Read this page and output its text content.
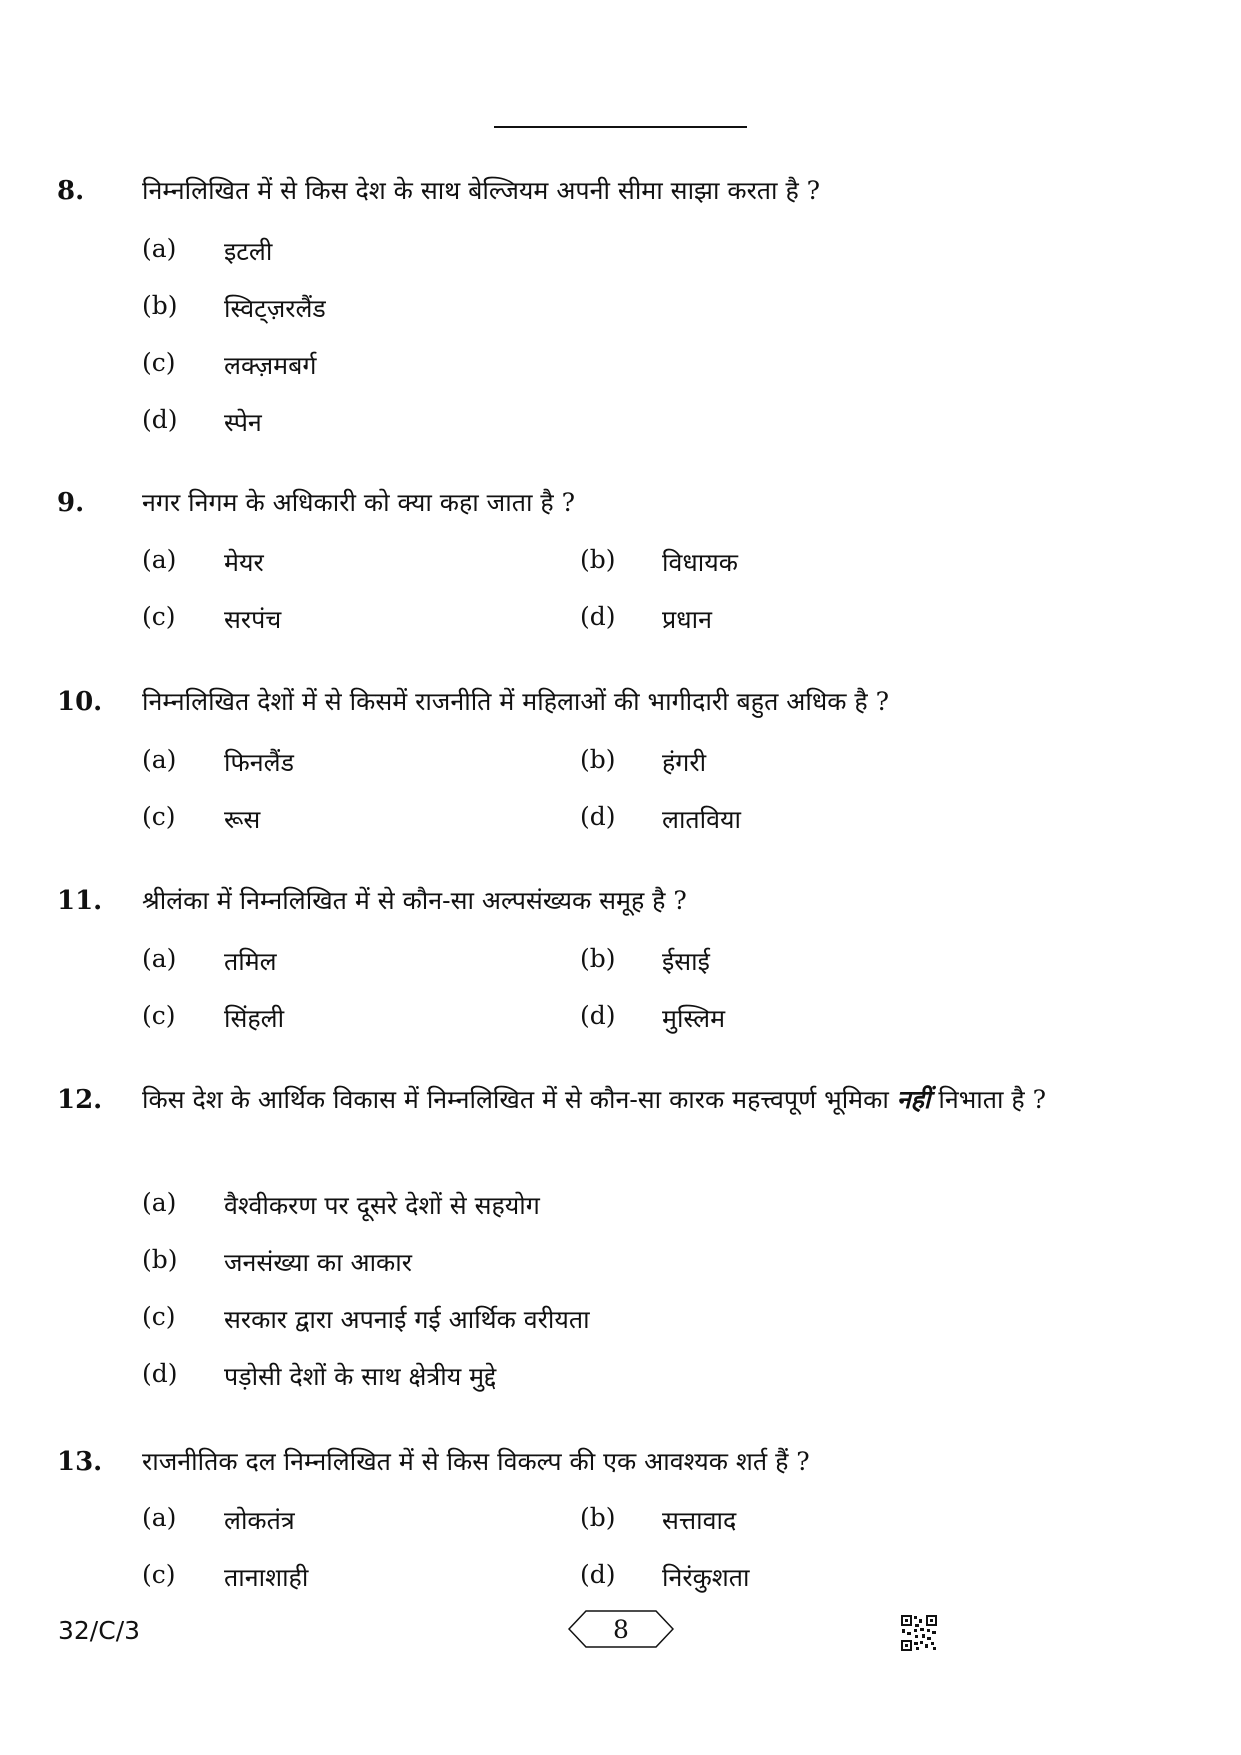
8. निम्नलिखित में से किस देश के साथ बेल्जियम अपनी सीमा साझा करता है ?
(a) इटली
(b) स्विट्ज़रलैंड
(c) लक्ज़मबर्ग
(d) स्पेन
9. नगर निगम के अधिकारी को क्या कहा जाता है ?
(a) मेयर	(b) विधायक
(c) सरपंच	(d) प्रधान
10. निम्नलिखित देशों में से किसमें राजनीति में महिलाओं की भागीदारी बहुत अधिक है ?
(a) फिनलैंड	(b) हंगरी
(c) रूस	(d) लातविया
11. श्रीलंका में निम्नलिखित में से कौन-सा अल्पसंख्यक समूह है ?
(a) तमिल	(b) ईसाई
(c) सिंहली	(d) मुस्लिम
12. किस देश के आर्थिक विकास में निम्नलिखित में से कौन-सा कारक महत्त्वपूर्ण भूमिका नहीं निभाता है ?
(a) वैश्वीकरण पर दूसरे देशों से सहयोग
(b) जनसंख्या का आकार
(c) सरकार द्वारा अपनाई गई आर्थिक वरीयता
(d) पड़ोसी देशों के साथ क्षेत्रीय मुद्दे
13. राजनीतिक दल निम्नलिखित में से किस विकल्प की एक आवश्यक शर्त हैं ?
(a) लोकतंत्र	(b) सत्तावाद
(c) तानाशाही	(d) निरंकुशता
32/C/3	8
